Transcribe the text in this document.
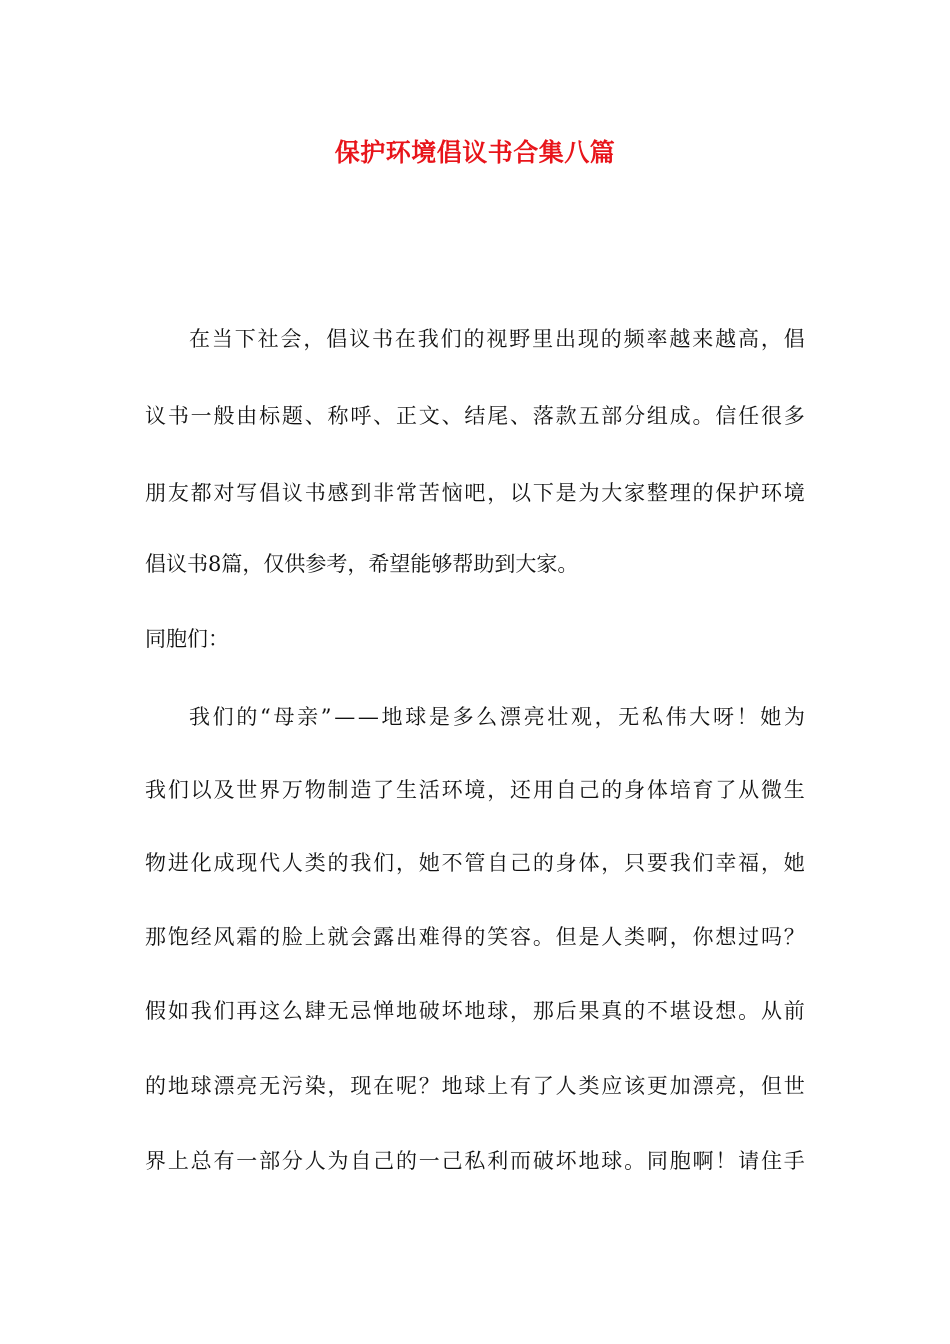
保护环境倡议书合集八篇
在 当 下 社 会 ， 倡 议 书 在 我 们 的 视 野 里 出 现 的 频 率 越 来 越 高 ， 倡
议 书 一 般 由 标 题 、 称 呼 、 正 文 、 结 尾 、 落 款 五 部 分 组 成 。 信 任 很 多
朋 友 都 对 写 倡 议 书 感 到 非 常 苦 恼 吧 ， 以 下 是 为 大 家 整 理 的 保 护 环 境
倡议书8篇，仅供参考，希望能够帮助到大家。
同胞们：
我 们 的 “ 母 亲 ” — — 地 球 是 多 么 漂 亮 壮 观 ， 无 私 伟 大 呀 ！ 她 为
我 们 以 及 世 界 万 物 制 造 了 生 活 环 境 ， 还 用 自 己 的 身 体 培 育 了 从 微 生
物 进 化 成 现 代 人 类 的 我 们 ， 她 不 管 自 己 的 身 体 ， 只 要 我 们 幸 福 ， 她
那 饱 经 风 霜 的 脸 上 就 会 露 出 难 得 的 笑 容 。 但 是 人 类 啊 ， 你 想 过 吗 ？
假 如 我 们 再 这 么 肆 无 忌 惮 地 破 坏 地 球 ， 那 后 果 真 的 不 堪 设 想 。 从 前
的 地 球 漂 亮 无 污 染 ， 现 在 呢 ？ 地 球 上 有 了 人 类 应 该 更 加 漂 亮 ， 但 世
界 上 总 有 一 部 分 人 为 自 己 的 一 己 私 利 而 破 坏 地 球 。 同 胞 啊 ！ 请 住 手
